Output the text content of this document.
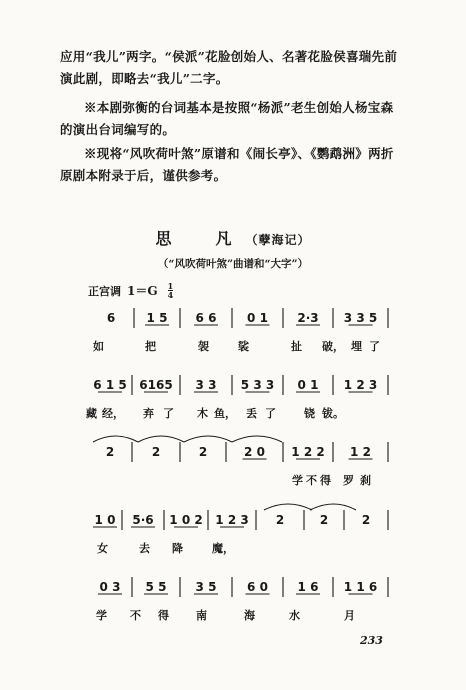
应用“我儿”两字。“侯派”花脸创始人、名著花脸侯喜瑞先前演此剧，即略去“我儿”二字。

※本剧弥衡的台词基本是按照“杨派”老生创始人杨宝森的演出台词编写的。

※现将“风吹荷叶煞”原谱和《闹长亭》、《鹦鹉洲》两折原剧本附录于后，谨供参考。

思　凡（孽海记）
（“风吹荷叶煞”曲谱和“大字”）
正宫调 1＝G 1
4
6	1 5 6 6	0 1 2·3 3 3 5
如	把	袈	裟	扯 破， 埋 了
6 1 5 6165 3 3 5 3 3 0 1 1 2 3
藏 经， 弃 了 木 鱼， 丢 了	铙 钹。
2	2	2	2 0 1 2 2 1 2
学 不 得 罗 刹
1 0 5·6 1 0 2 1 2 3 2	2	2
女	去 降	魔，
0 3 5 5 3 5	6 0 1 6 1 1 6
学 不 得 南	海	水	月
233
